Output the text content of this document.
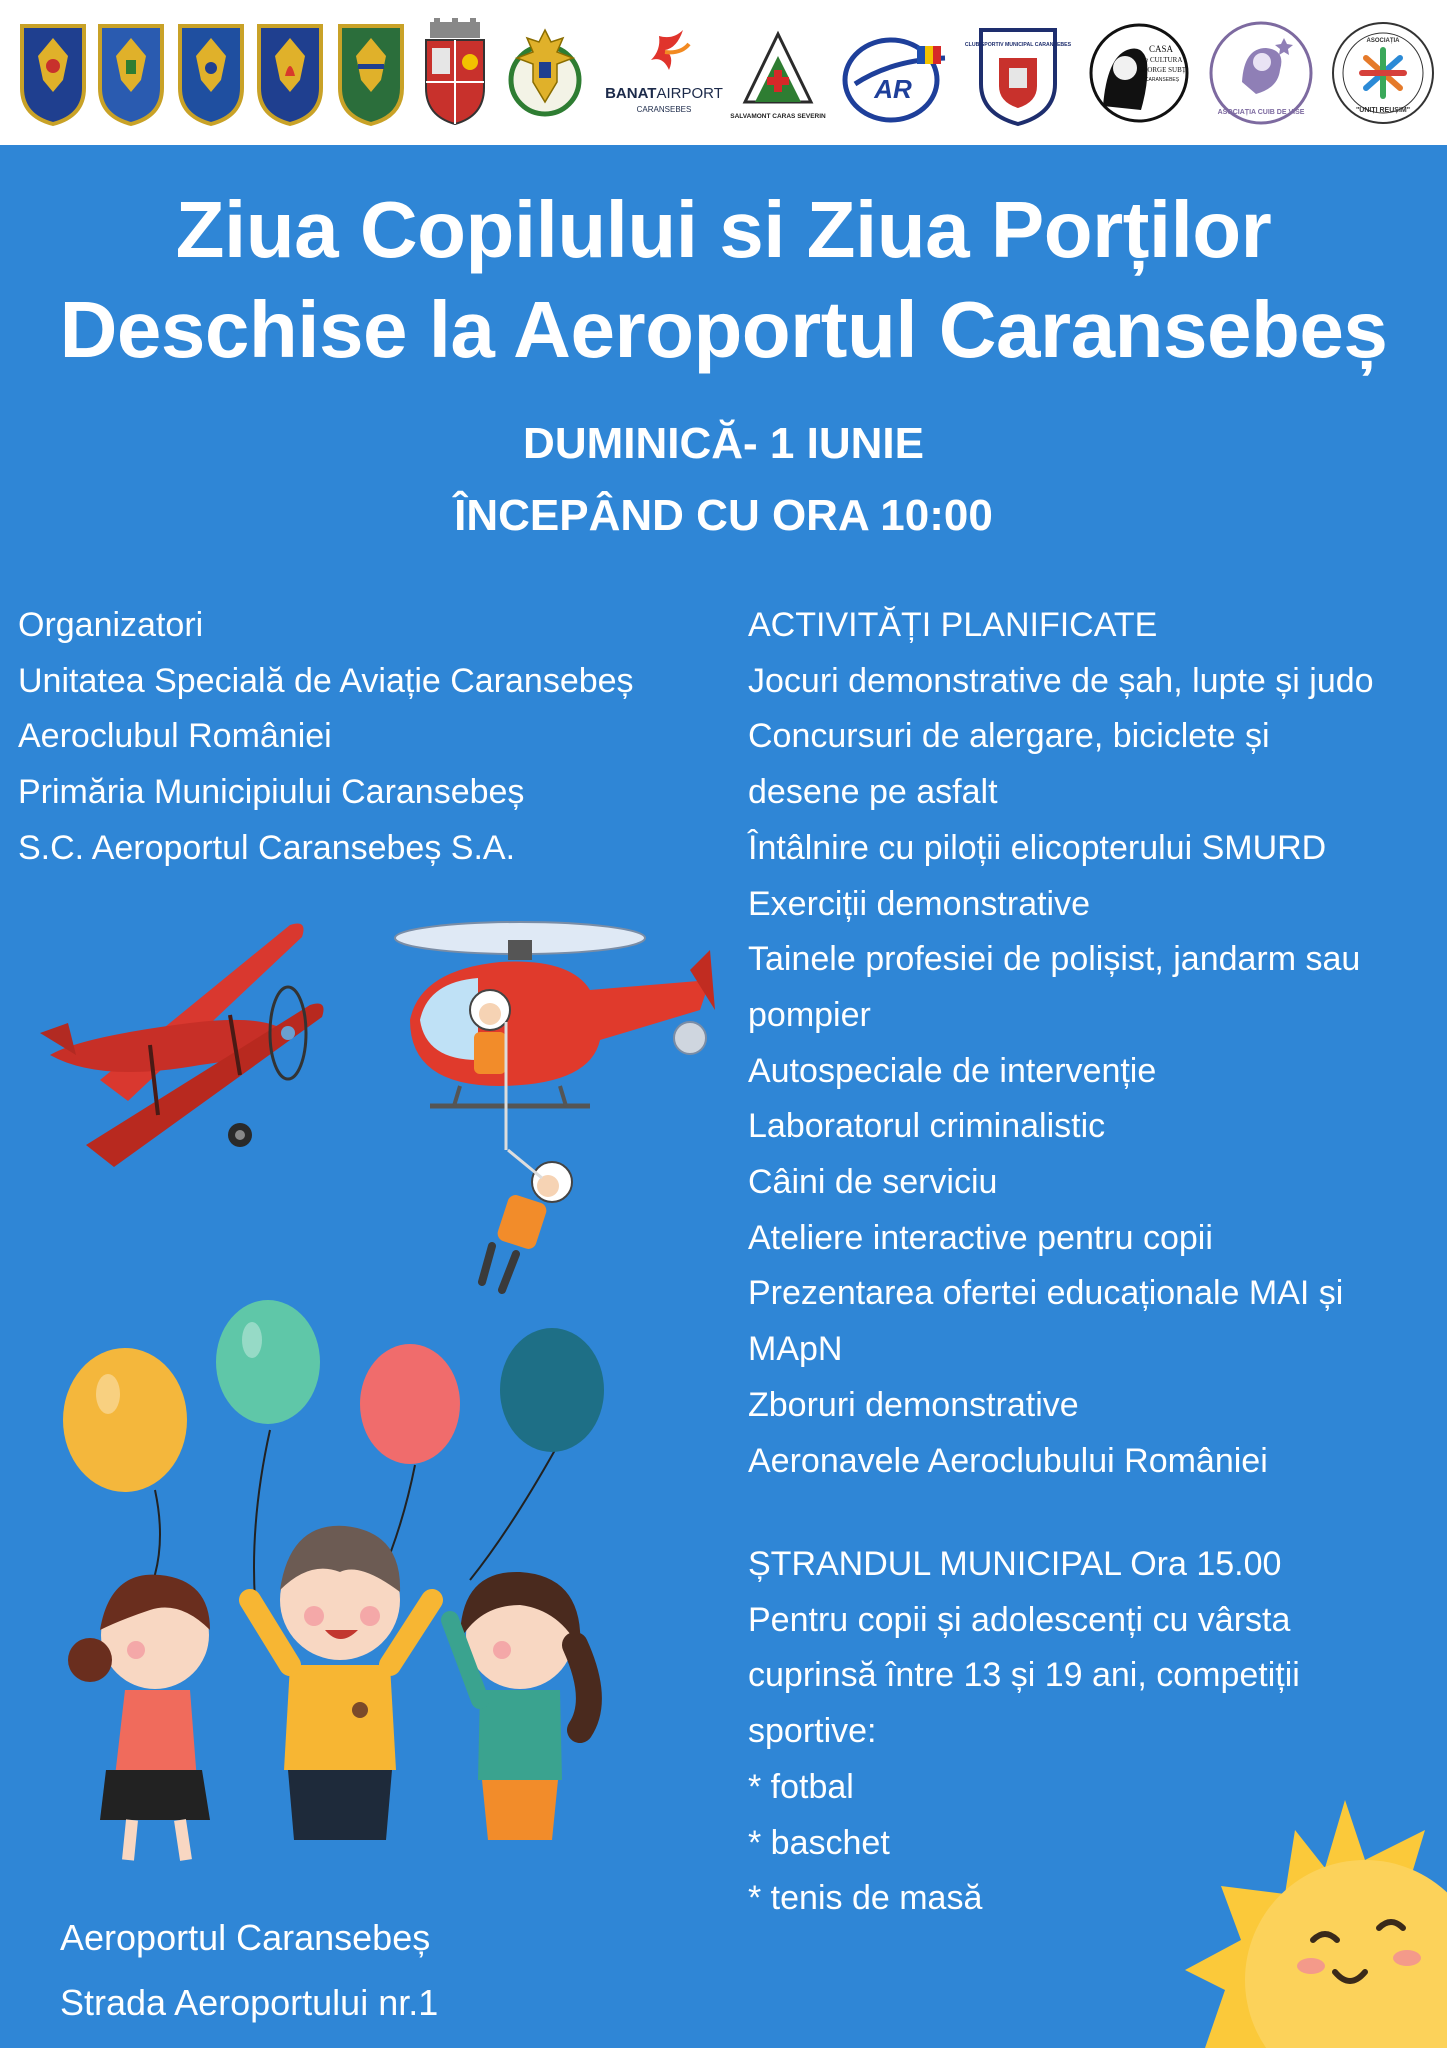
BANATAIRPORT
CARANSEBES
SALVAMONT CARAS SEVERIN
AR
CLUB SPORTIV MUNICIPAL CARANSEBES	CASA
de CULTURA
GEORGE SUBȚ
CARANSEBEȘ
ASOCIAȚIA CUIB DE VISE
ASOCIAȚIA
"UNIȚI REUȘIM"

Ziua Copilului si Ziua Porților

Deschise la Aeroportul Caransebeș

DUMINICĂ- 1 IUNIE

ÎNCEPÂND CU ORA 10:00

Organizatori
Unitatea Specială de Aviație Caransebeș
Aeroclubul României
Primăria Municipiului Caransebeș
S.C. Aeroportul Caransebeș S.A.
ACTIVITĂȚI PLANIFICATE
Jocuri demonstrative de șah, lupte și judo
Concursuri de alergare, biciclete și
desene pe asfalt
Întâlnire cu piloții elicopterului SMURD
Exerciții demonstrative
Tainele profesiei de polișist, jandarm sau
pompier
Autospeciale de intervenție
Laboratorul criminalistic
Câini de serviciu
Ateliere interactive pentru copii
Prezentarea ofertei educaționale MAI și
MApN
Zboruri demonstrative
Aeronavele Aeroclubului României
ȘTRANDUL MUNICIPAL Ora 15.00
Pentru copii și adolescenți cu vârsta
cuprinsă între 13 și 19 ani, competiții
sportive:
* fotbal
* baschet
* tenis de masă
Aeroportul Caransebeș
Strada Aeroportului nr.1
